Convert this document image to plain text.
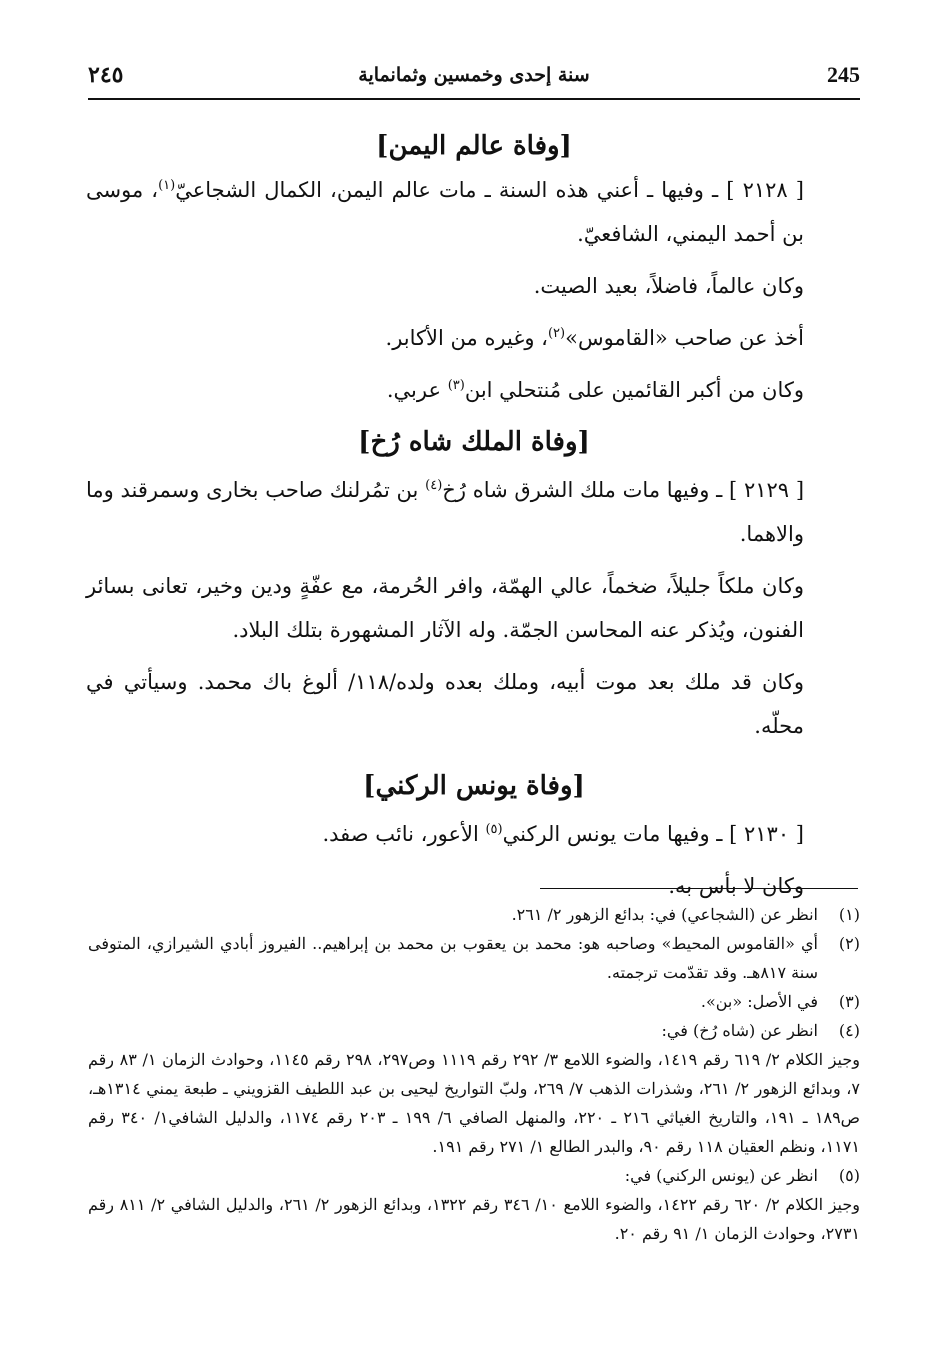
٢٤٥	سنة إحدى وخمسين وثمانماية	245

[وفاة عالم اليمن]

[ ٢١٢٨ ] ـ وفيها ـ أعني هذه السنة ـ مات عالم اليمن، الكمال الشجاعيّ$^{(١)}$، موسى بن أحمد اليمني، الشافعيّ.

وكان عالماً، فاضلاً، بعيد الصيت.

أخذ عن صاحب «القاموس»$^{(٢)}$، وغيره من الأكابر.

وكان من أكبر القائمين على مُنتحلي ابن$^{(٣)}$ عربي.

[وفاة الملك شاه رُخ]

[ ٢١٢٩ ] ـ وفيها مات ملك الشرق شاه رُخ$^{(٤)}$ بن تمُرلنك صاحب بخارى وسمرقند وما والاهما.

وكان ملكاً جليلاً، ضخماً، عالي الهمّة، وافر الحُرمة، مع عفّةٍ ودين وخير، تعانى بسائر الفنون، ويُذكر عنه المحاسن الجمّة. وله الآثار المشهورة بتلك البلاد.

وكان قد ملك بعد موت أبيه، وملك بعده ولده/١١٨/ ألوغ باك محمد. وسيأتي في محلّه.

[وفاة يونس الركني]

[ ٢١٣٠ ] ـ وفيها مات يونس الركني$^{(٥)}$ الأعور، نائب صفد.

وكان لا بأس به.

(١)
انظر عن (الشجاعي) في: بدائع الزهور ٢/ ٢٦١.

(٢)
أي «القاموس المحيط» وصاحبه هو: محمد بن يعقوب بن محمد بن إبراهيم.. الفيروز أبادي الشيرازي، المتوفى سنة ٨١٧هـ. وقد تقدّمت ترجمته.

(٣)
في الأصل: «بن».

(٤)
انظر عن (شاه رُخ) في:

وجيز الكلام ٢/ ٦١٩ رقم ١٤١٩، والضوء اللامع ٣/ ٢٩٢ رقم ١١١٩ وص٢٩٧، ٢٩٨ رقم ١١٤٥، وحوادث الزمان ١/ ٨٣ رقم ٧، وبدائع الزهور ٢/ ٢٦١، وشذرات الذهب ٧/ ٢٦٩، ولبّ التواريخ ليحيى بن عبد اللطيف القزويني ـ طبعة يمني ١٣١٤هـ، ص١٨٩ ـ ١٩١، والتاريخ الغياثي ٢١٦ ـ ٢٢٠، والمنهل الصافي ٦/ ١٩٩ ـ ٢٠٣ رقم ١١٧٤، والدليل الشافي١/ ٣٤٠ رقم ١١٧١، ونظم العقيان ١١٨ رقم ٩٠، والبدر الطالع ١/ ٢٧١ رقم ١٩١.

(٥)
انظر عن (يونس الركني) في:

وجيز الكلام ٢/ ٦٢٠ رقم ١٤٢٢، والضوء اللامع ١٠/ ٣٤٦ رقم ١٣٢٢، وبدائع الزهور ٢/ ٢٦١، والدليل الشافي ٢/ ٨١١ رقم ٢٧٣١، وحوادث الزمان ١/ ٩١ رقم ٢٠.
